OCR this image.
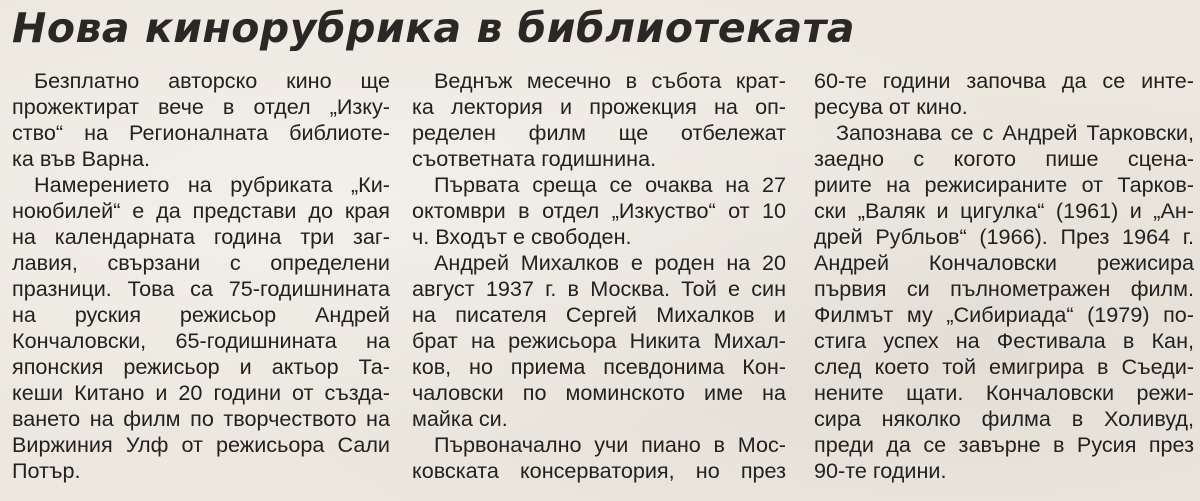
Нова кинорубрика в библиотеката
Безплатно авторско кино ще
прожектират вече в отдел „Изку-
ство“ на Регионалната библиоте-
ка във Варна.
Намерението на рубриката „Ки-
ноюбилей“ е да представи до края
на календарната година три заг-
лавия, свързани с определени
празници. Това са 75-годишнината
на руския режисьор Андрей
Кончаловски, 65-годишнината на
японския режисьор и актьор Та-
кеши Китано и 20 години от създа-
ването на филм по творчеството на
Виржиния Улф от режисьора Сали
Потър.
Веднъж месечно в събота крат-
ка лектория и прожекция на оп-
ределен филм ще отбележат
съответната годишнина.
Първата среща се очаква на 27
октомври в отдел „Изкуство“ от 10
ч. Входът е свободен.
Андрей Михалков е роден на 20
август 1937 г. в Москва. Той е син
на писателя Сергей Михалков и
брат на режисьора Никита Михал-
ков, но приема псевдонима Кон-
чаловски по моминското име на
майка си.
Първоначално учи пиано в Мос-
ковската консерватория, но през
60-те години започва да се инте-
ресува от кино.
Запознава се с Андрей Тарковски,
заедно с когото пише сцена-
риите на режисираните от Тарков-
ски „Валяк и цигулка“ (1961) и „Ан-
дрей Рубльов“ (1966). През 1964 г.
Андрей Кончаловски режисира
първия си пълнометражен филм.
Филмът му „Сибириада“ (1979) по-
стига успех на Фестивала в Кан,
след което той емигрира в Съеди-
нените щати. Кончаловски режи-
сира няколко филма в Холивуд,
преди да се завърне в Русия през
90-те години.
